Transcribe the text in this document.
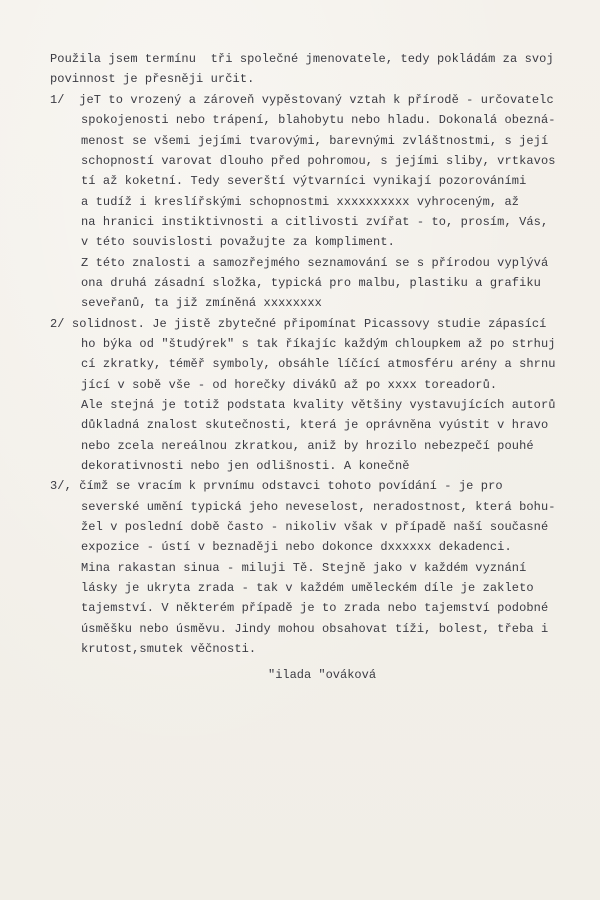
Použila jsem termínu  tři společné jmenovatele, tedy pokládám za svoj
povinnost je přesněji určit.
1/  jeT to vrozený a zároveň vypěstovaný vztah k přírodě - určovatelc
spokojenosti nebo trápení, blahobytu nebo hladu. Dokonalá obezná-
menost se všemi jejími tvarovými, barevnými zvláštnostmi, s její
schopností varovat dlouho před pohromou, s jejími sliby, vrtkavos
tí až koketní. Tedy severští výtvarníci vynikají pozorováními
a tudíž i kreslířskými schopnostmi xxxxxxxxxx vyhroceným, až
na hranici instiktivnosti a citlivosti zvířat - to, prosím, Vás,
v této souvislosti považujte za kompliment.
Z této znalosti a samozřejmého seznamování se s přírodou vyplývá
ona druhá zásadní složka, typická pro malbu, plastiku a grafiku
seveřanů, ta již zmíněná xxxxxxxx
2/ solidnost. Je jistě zbytečné připomínat Picassovy studie zápasící
ho býka od "študýrek" s tak říkajíc každým chloupkem až po strhuj
cí zkratky, téměř symboly, obsáhle líčící atmosféru arény a shrnu
jící v sobě vše - od horečky diváků až po xxxx toreadorů.
Ale stejná je totiž podstata kvality většiny vystavujících autorů
důkladná znalost skutečnosti, která je oprávněna vyústit v hravo
nebo zcela nereálnou zkratkou, aniž by hrozilo nebezpečí pouhé
dekorativnosti nebo jen odlišnosti. A konečně
3/, čímž se vracím k prvnímu odstavci tohoto povídání - je pro
severské umění typická jeho neveselost, neradostnost, která bohu-
žel v poslední době často - nikoliv však v případě naší současné
expozice - ústí v beznaději nebo dokonce dxxxxxx dekadenci.
Mina rakastan sinua - miluji Tě. Stejně jako v každém vyznání
lásky je ukryta zrada - tak v každém uměleckém díle je zakleto
tajemství. V některém případě je to zrada nebo tajemství podobné
úsměšku nebo úsměvu. Jindy mohou obsahovat tíži, bolest, třeba i
krutost,smutek věčnosti.
"ilada "ováková
